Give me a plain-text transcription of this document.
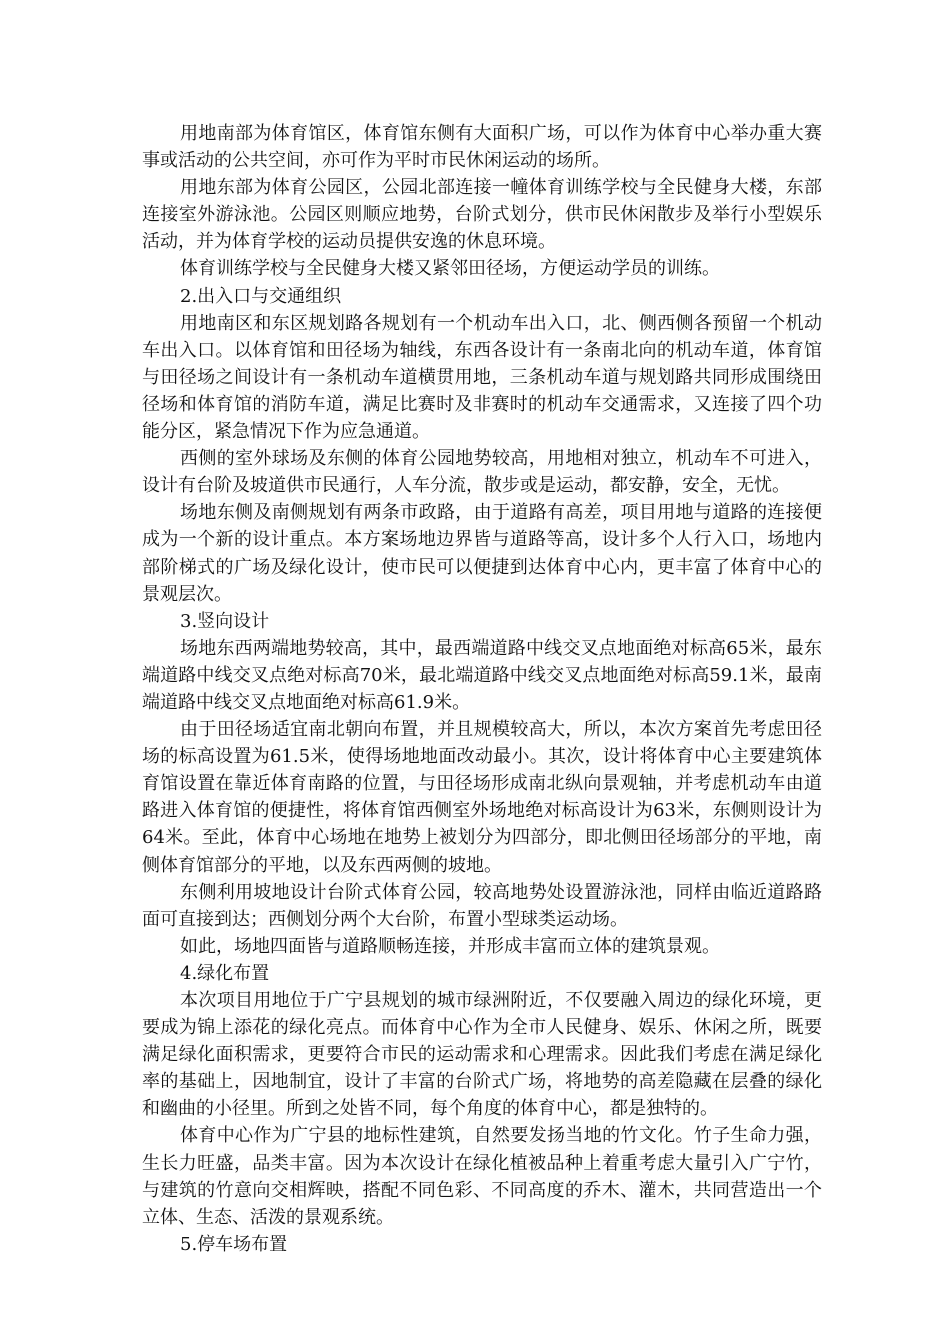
用地南部为体育馆区，体育馆东侧有大面积广场，可以作为体育中心举办重大赛事或活动的公共空间，亦可作为平时市民休闲运动的场所。

用地东部为体育公园区，公园北部连接一幢体育训练学校与全民健身大楼，东部连接室外游泳池。公园区则顺应地势，台阶式划分，供市民休闲散步及举行小型娱乐活动，并为体育学校的运动员提供安逸的休息环境。

体育训练学校与全民健身大楼又紧邻田径场，方便运动学员的训练。

2.出入口与交通组织

用地南区和东区规划路各规划有一个机动车出入口，北、侧西侧各预留一个机动车出入口。以体育馆和田径场为轴线，东西各设计有一条南北向的机动车道，体育馆与田径场之间设计有一条机动车道横贯用地，三条机动车道与规划路共同形成围绕田径场和体育馆的消防车道，满足比赛时及非赛时的机动车交通需求，又连接了四个功能分区，紧急情况下作为应急通道。

西侧的室外球场及东侧的体育公园地势较高，用地相对独立，机动车不可进入，设计有台阶及坡道供市民通行，人车分流，散步或是运动，都安静，安全，无忧。

场地东侧及南侧规划有两条市政路，由于道路有高差，项目用地与道路的连接便成为一个新的设计重点。本方案场地边界皆与道路等高，设计多个人行入口，场地内部阶梯式的广场及绿化设计，使市民可以便捷到达体育中心内，更丰富了体育中心的景观层次。

3.竖向设计

场地东西两端地势较高，其中，最西端道路中线交叉点地面绝对标高65米，最东端道路中线交叉点绝对标高70米，最北端道路中线交叉点地面绝对标高59.1米，最南端道路中线交叉点地面绝对标高61.9米。

由于田径场适宜南北朝向布置，并且规模较高大，所以，本次方案首先考虑田径场的标高设置为61.5米，使得场地地面改动最小。其次，设计将体育中心主要建筑体育馆设置在靠近体育南路的位置，与田径场形成南北纵向景观轴，并考虑机动车由道路进入体育馆的便捷性，将体育馆西侧室外场地绝对标高设计为63米，东侧则设计为64米。至此，体育中心场地在地势上被划分为四部分，即北侧田径场部分的平地，南侧体育馆部分的平地，以及东西两侧的坡地。

东侧利用坡地设计台阶式体育公园，较高地势处设置游泳池，同样由临近道路路面可直接到达；西侧划分两个大台阶，布置小型球类运动场。

如此，场地四面皆与道路顺畅连接，并形成丰富而立体的建筑景观。

4.绿化布置

本次项目用地位于广宁县规划的城市绿洲附近，不仅要融入周边的绿化环境，更要成为锦上添花的绿化亮点。而体育中心作为全市人民健身、娱乐、休闲之所，既要满足绿化面积需求，更要符合市民的运动需求和心理需求。因此我们考虑在满足绿化率的基础上，因地制宜，设计了丰富的台阶式广场，将地势的高差隐藏在层叠的绿化和幽曲的小径里。所到之处皆不同，每个角度的体育中心，都是独特的。

体育中心作为广宁县的地标性建筑，自然要发扬当地的竹文化。竹子生命力强，生长力旺盛，品类丰富。因为本次设计在绿化植被品种上着重考虑大量引入广宁竹，与建筑的竹意向交相辉映，搭配不同色彩、不同高度的乔木、灌木，共同营造出一个立体、生态、活泼的景观系统。

5.停车场布置
